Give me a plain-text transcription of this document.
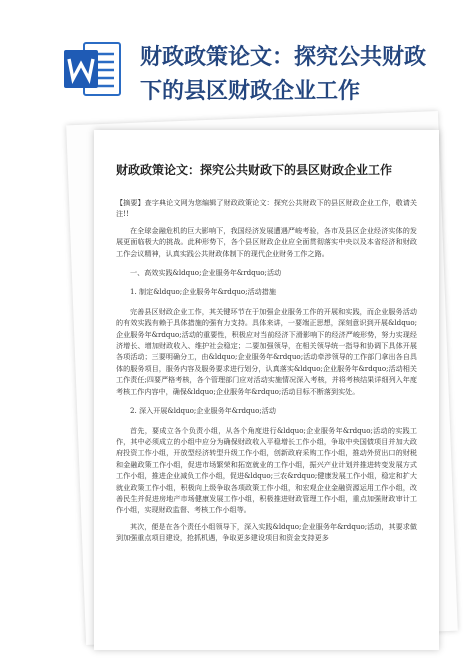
财政政策论文：探究公共财政
下的县区财政企业工作
财政政策论文：探究公共财政下的县区财政企业工作

【摘要】查字典论文网为您编辑了财政政策论文：探究公共财政下的县区财政企业工作，敬请关注!!

在全球金融危机的巨大影响下，我国经济发展遭遇严峻考验，各市及县区企业经济实体的发展更面临极大的挑战。此种形势下，各个县区财政企业应全面贯彻落实中央以及本省经济和财政工作会议精神，认真实践公共财政体制下的现代企业财务工作之路。

一、高效实践&ldquo;企业服务年&rdquo;活动

1. 制定&ldquo;企业服务年&rdquo;活动措施

完善县区财政企业工作，其关键环节在于加强企业服务工作的开展和实践，而企业服务活动的有效实践有赖于具体措施的强有力支持。具体来讲，一要端正思想，深刻意识到开展&ldquo;企业服务年&rdquo;活动的重要性，积极应对当前经济下滑影响下的经济严峻形势，努力实现经济增长、增加财政收入、维护社会稳定；二要加强领导，在相关领导统一指导和协调下具体开展各项活动；三要明确分工，由&ldquo;企业服务年&rdquo;活动牵涉领导的工作部门拿出各自具体的服务项目，服务内容及服务要求进行划分，认真落实&ldquo;企业服务年&rdquo;活动相关工作责任;四要严格考核，各个管理部门应对活动实施情况深入考核，并将考核结果详细列入年度考核工作内容中，确保&ldquo;企业服务年&rdquo;活动目标不断落到实处。

2. 深入开展&ldquo;企业服务年&rdquo;活动

首先，要成立各个负责小组，从各个角度进行&ldquo;企业服务年&rdquo;活动的实践工作，其中必须成立的小组中应分为确保财政收入平稳增长工作小组，争取中央国债项目并加大政府投资工作小组，开放型经济转型升级工作小组，创新政府采购工作小组，推动外贸出口的财税和金融政策工作小组，促进市场繁荣和拓宽就业的工作小组，振兴产业计划并推进转变发展方式工作小组，推进企业减负工作小组，促进&ldquo;三农&rdquo;健康发展工作小组，稳定和扩大就业政策工作小组，积极向上级争取各项政策工作小组，和宏观企业金融资源运用工作小组，改善民生并促进房地产市场健康发展工作小组，积极推进财政管理工作小组，重点加强财政审计工作小组，实现财政监督、考核工作小组等。

其次，便是在各个责任小组领导下，深入实践&ldquo;企业服务年&rdquo;活动，其要求做到加强重点项目建设，抢抓机遇，争取更多建设项目和资金支持更多
